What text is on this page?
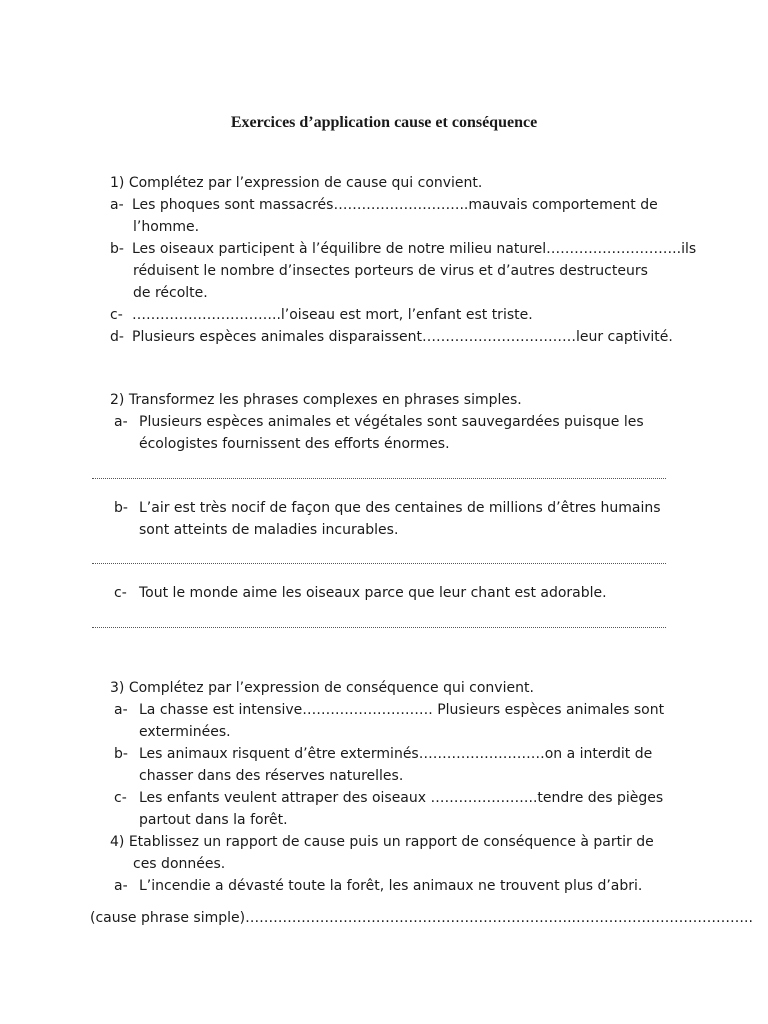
Exercices d’application cause et conséquence
1) Complétez par l’expression de cause qui convient.
a- Les phoques sont massacrés………………………..mauvais comportement de
l’homme.
b- Les oiseaux participent à l’équilibre de notre milieu naturel………………………..ils
réduisent le nombre d’insectes porteurs de virus et d’autres destructeurs
de récolte.
c- …………………………..l’oiseau est mort, l’enfant est triste.
d- Plusieurs espèces animales disparaissent……………………………leur captivité.
2) Transformez les phrases complexes en phrases simples.
a- Plusieurs espèces animales et végétales sont sauvegardées puisque les
écologistes fournissent des efforts énormes.
b- L’air est très nocif de façon que des centaines de millions d’êtres humains
sont atteints de maladies incurables.
c- Tout le monde aime les oiseaux parce que leur chant est adorable.
3) Complétez par l’expression de conséquence qui convient.
a- La chasse est intensive………………………. Plusieurs espèces animales sont
exterminées.
b- Les animaux risquent d’être exterminés………………………on a interdit de
chasser dans des réserves naturelles.
c- Les enfants veulent attraper des oiseaux …………………..tendre des pièges
partout dans la forêt.
4) Etablissez un rapport de cause puis un rapport de conséquence à partir de
ces données.
a- L’incendie a dévasté toute la forêt, les animaux ne trouvent plus d’abri.
(cause phrase simple)……………………………………………………………..………………………………..
